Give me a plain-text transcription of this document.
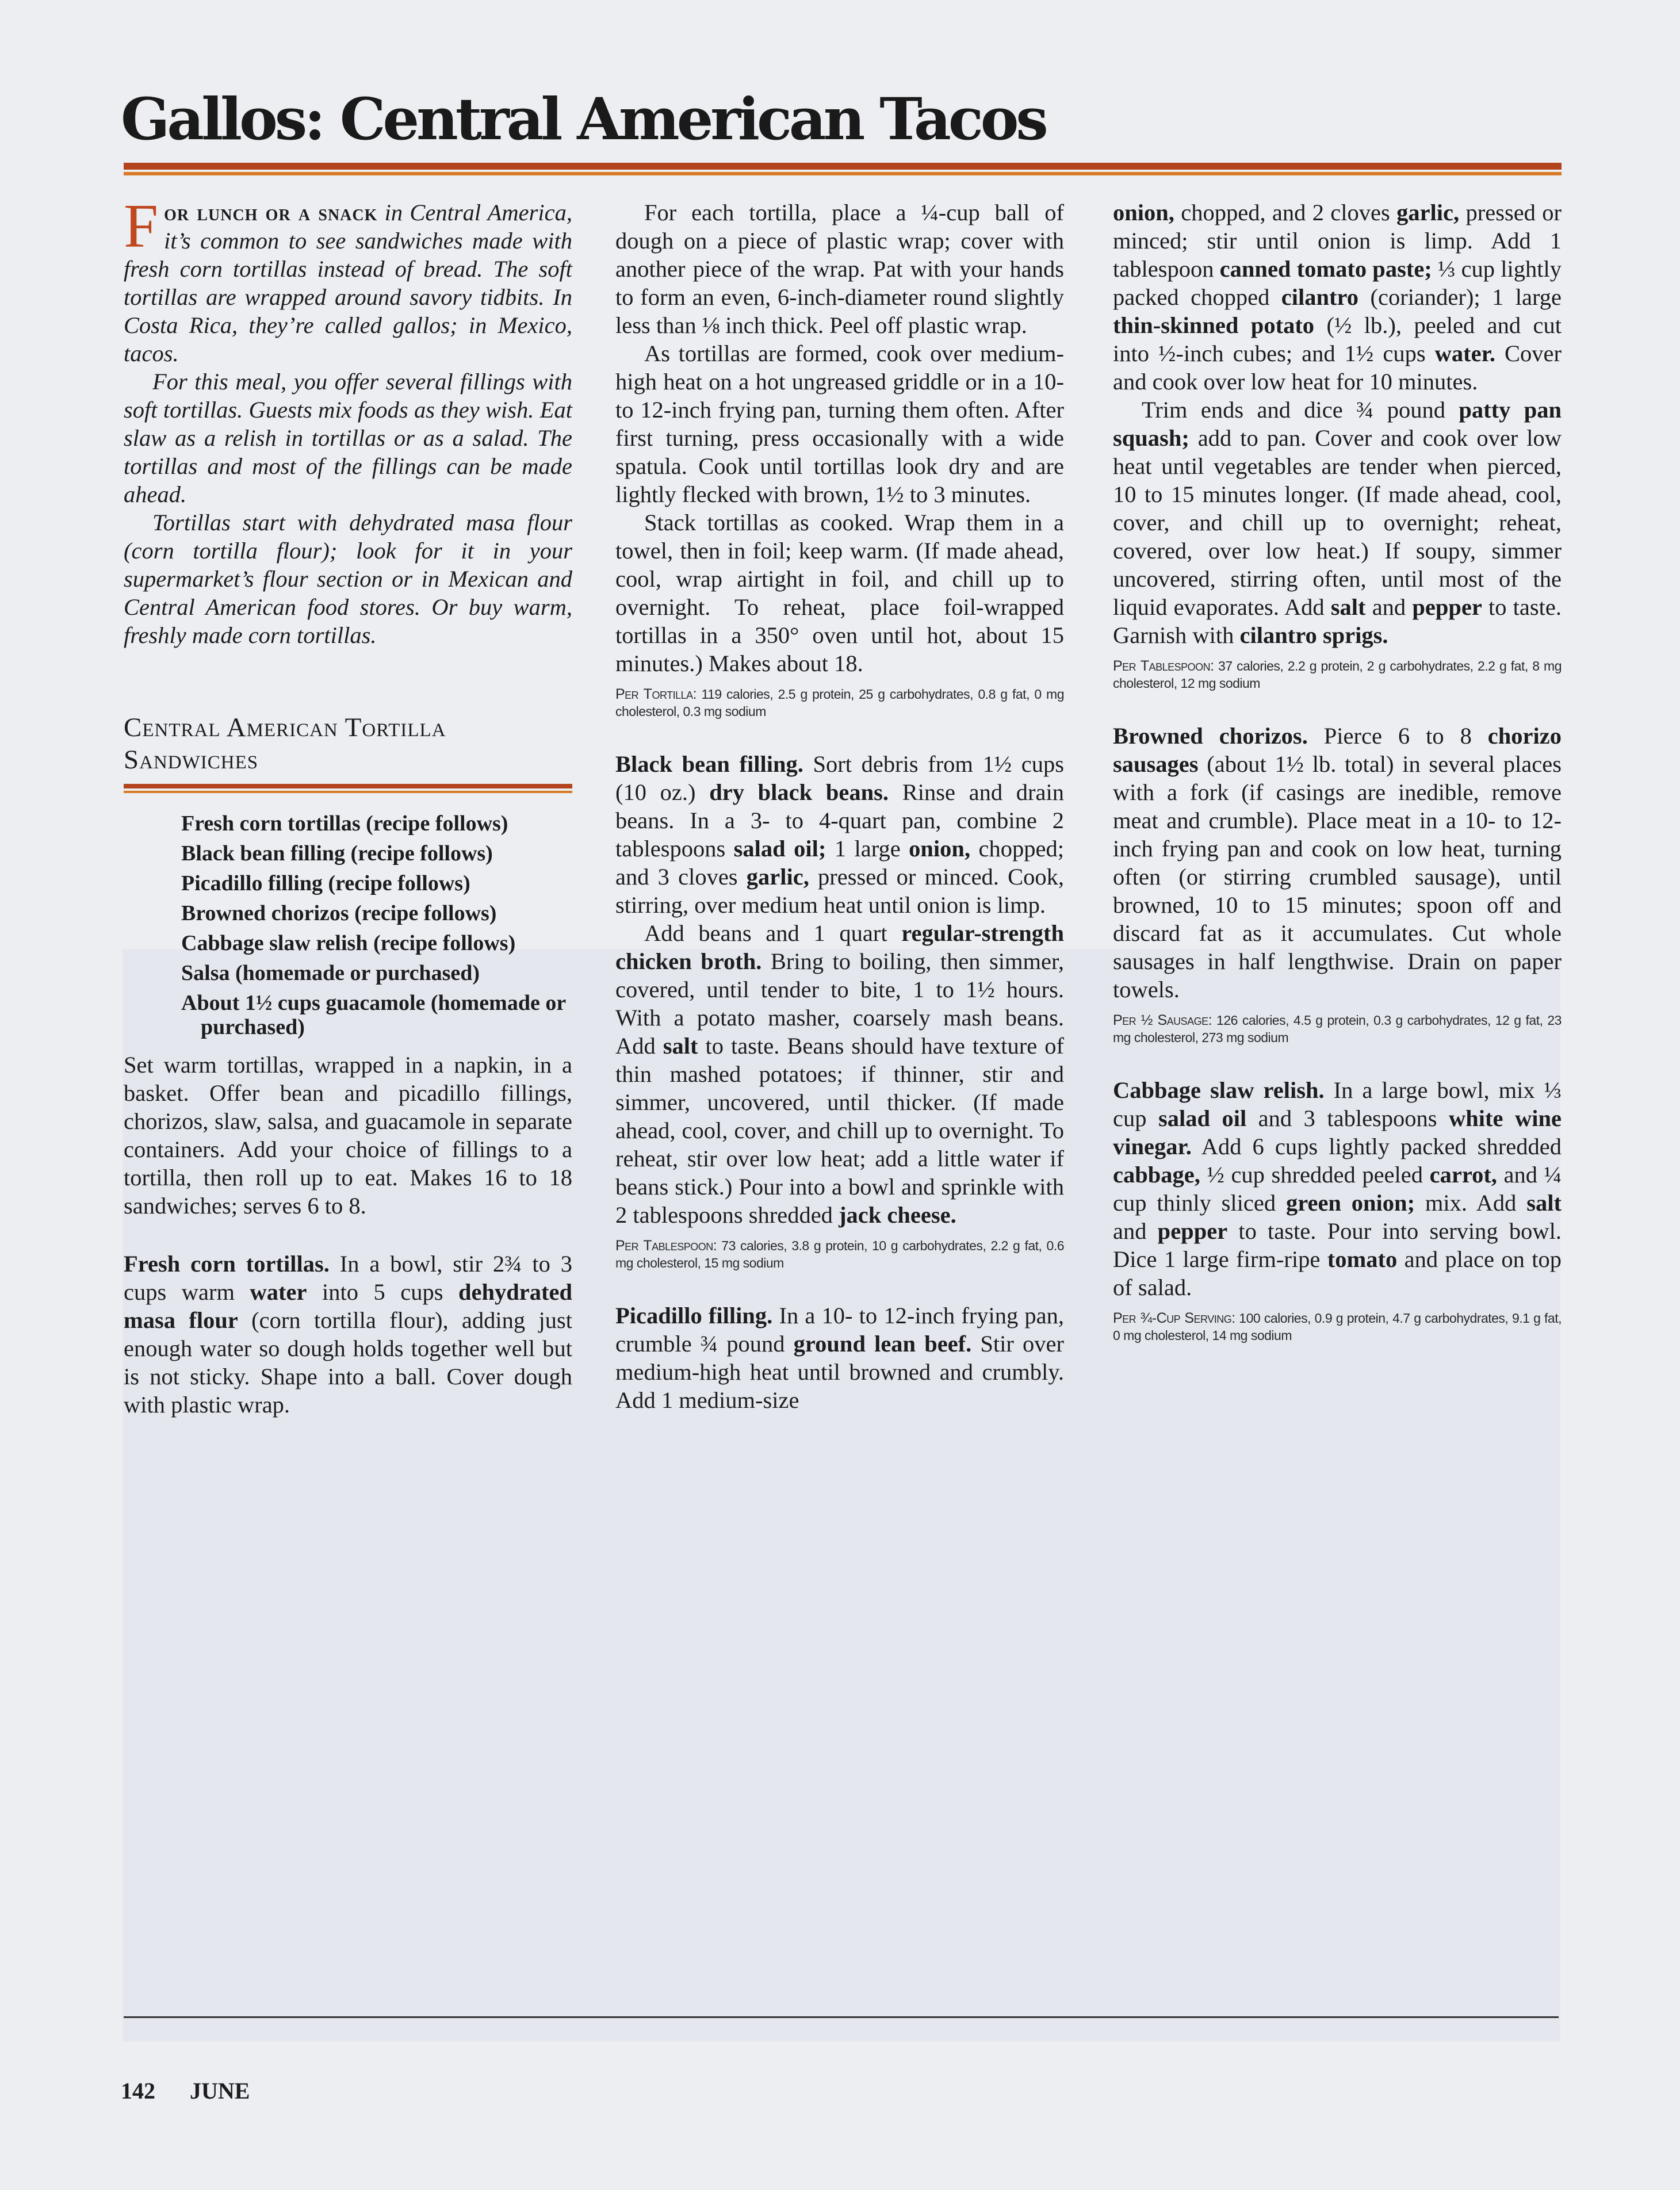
Gallos: Central American Tacos

For lunch or a snack in Central America, it’s common to see sandwiches made with fresh corn tortillas instead of bread. The soft tortillas are wrapped around savory tidbits. In Costa Rica, they’re called gallos; in Mexico, tacos.

For this meal, you offer several fillings with soft tortillas. Guests mix foods as they wish. Eat slaw as a relish in tortillas or as a salad. The tortillas and most of the fillings can be made ahead.

Tortillas start with dehydrated masa flour (corn tortilla flour); look for it in your supermarket’s flour section or in Mexican and Central American food stores. Or buy warm, freshly made corn tortillas.

Central American Tortilla
Sandwiches
Fresh corn tortillas (recipe follows)
Black bean filling (recipe follows)
Picadillo filling (recipe follows)
Browned chorizos (recipe follows)
Cabbage slaw relish (recipe follows)
Salsa (homemade or purchased)
About 1½ cups guacamole (homemade or purchased)

Set warm tortillas, wrapped in a napkin, in a basket. Offer bean and picadillo fillings, chorizos, slaw, salsa, and guacamole in separate containers. Add your choice of fillings to a tortilla, then roll up to eat. Makes 16 to 18 sandwiches; serves 6 to 8.

Fresh corn tortillas. In a bowl, stir 2¾ to 3 cups warm water into 5 cups dehydrated masa flour (corn tortilla flour), adding just enough water so dough holds together well but is not sticky. Shape into a ball. Cover dough with plastic wrap.

For each tortilla, place a ¼-cup ball of dough on a piece of plastic wrap; cover with another piece of the wrap. Pat with your hands to form an even, 6-inch-diameter round slightly less than ⅛ inch thick. Peel off plastic wrap.

As tortillas are formed, cook over medium-high heat on a hot ungreased griddle or in a 10- to 12-inch frying pan, turning them often. After first turning, press occasionally with a wide spatula. Cook until tortillas look dry and are lightly flecked with brown, 1½ to 3 minutes.

Stack tortillas as cooked. Wrap them in a towel, then in foil; keep warm. (If made ahead, cool, wrap airtight in foil, and chill up to overnight. To reheat, place foil-wrapped tortillas in a 350° oven until hot, about 15 minutes.) Makes about 18.

Per Tortilla: 119 calories, 2.5 g protein, 25 g carbohydrates, 0.8 g fat, 0 mg cholesterol, 0.3 mg sodium

Black bean filling. Sort debris from 1½ cups (10 oz.) dry black beans. Rinse and drain beans. In a 3- to 4-quart pan, combine 2 tablespoons salad oil; 1 large onion, chopped; and 3 cloves garlic, pressed or minced. Cook, stirring, over medium heat until onion is limp.

Add beans and 1 quart regular-strength chicken broth. Bring to boiling, then simmer, covered, until tender to bite, 1 to 1½ hours. With a potato masher, coarsely mash beans. Add salt to taste. Beans should have texture of thin mashed potatoes; if thinner, stir and simmer, uncovered, until thicker. (If made ahead, cool, cover, and chill up to overnight. To reheat, stir over low heat; add a little water if beans stick.) Pour into a bowl and sprinkle with 2 tablespoons shredded jack cheese.

Per Tablespoon: 73 calories, 3.8 g protein, 10 g carbohydrates, 2.2 g fat, 0.6 mg cholesterol, 15 mg sodium

Picadillo filling. In a 10- to 12-inch frying pan, crumble ¾ pound ground lean beef. Stir over medium-high heat until browned and crumbly. Add 1 medium-size

onion, chopped, and 2 cloves garlic, pressed or minced; stir until onion is limp. Add 1 tablespoon canned tomato paste; ⅓ cup lightly packed chopped cilantro (coriander); 1 large thin-skinned potato (½ lb.), peeled and cut into ½-inch cubes; and 1½ cups water. Cover and cook over low heat for 10 minutes.

Trim ends and dice ¾ pound patty pan squash; add to pan. Cover and cook over low heat until vegetables are tender when pierced, 10 to 15 minutes longer. (If made ahead, cool, cover, and chill up to overnight; reheat, covered, over low heat.) If soupy, simmer uncovered, stirring often, until most of the liquid evaporates. Add salt and pepper to taste. Garnish with cilantro sprigs.

Per Tablespoon: 37 calories, 2.2 g protein, 2 g carbohydrates, 2.2 g fat, 8 mg cholesterol, 12 mg sodium

Browned chorizos. Pierce 6 to 8 chorizo sausages (about 1½ lb. total) in several places with a fork (if casings are inedible, remove meat and crumble). Place meat in a 10- to 12-inch frying pan and cook on low heat, turning often (or stirring crumbled sausage), until browned, 10 to 15 minutes; spoon off and discard fat as it accumulates. Cut whole sausages in half lengthwise. Drain on paper towels.

Per ½ Sausage: 126 calories, 4.5 g protein, 0.3 g carbohydrates, 12 g fat, 23 mg cholesterol, 273 mg sodium

Cabbage slaw relish. In a large bowl, mix ⅓ cup salad oil and 3 tablespoons white wine vinegar. Add 6 cups lightly packed shredded cabbage, ½ cup shredded peeled carrot, and ¼ cup thinly sliced green onion; mix. Add salt and pepper to taste. Pour into serving bowl. Dice 1 large firm-ripe tomato and place on top of salad.

Per ¾-Cup Serving: 100 calories, 0.9 g protein, 4.7 g carbohydrates, 9.1 g fat, 0 mg cholesterol, 14 mg sodium

142 JUNE
